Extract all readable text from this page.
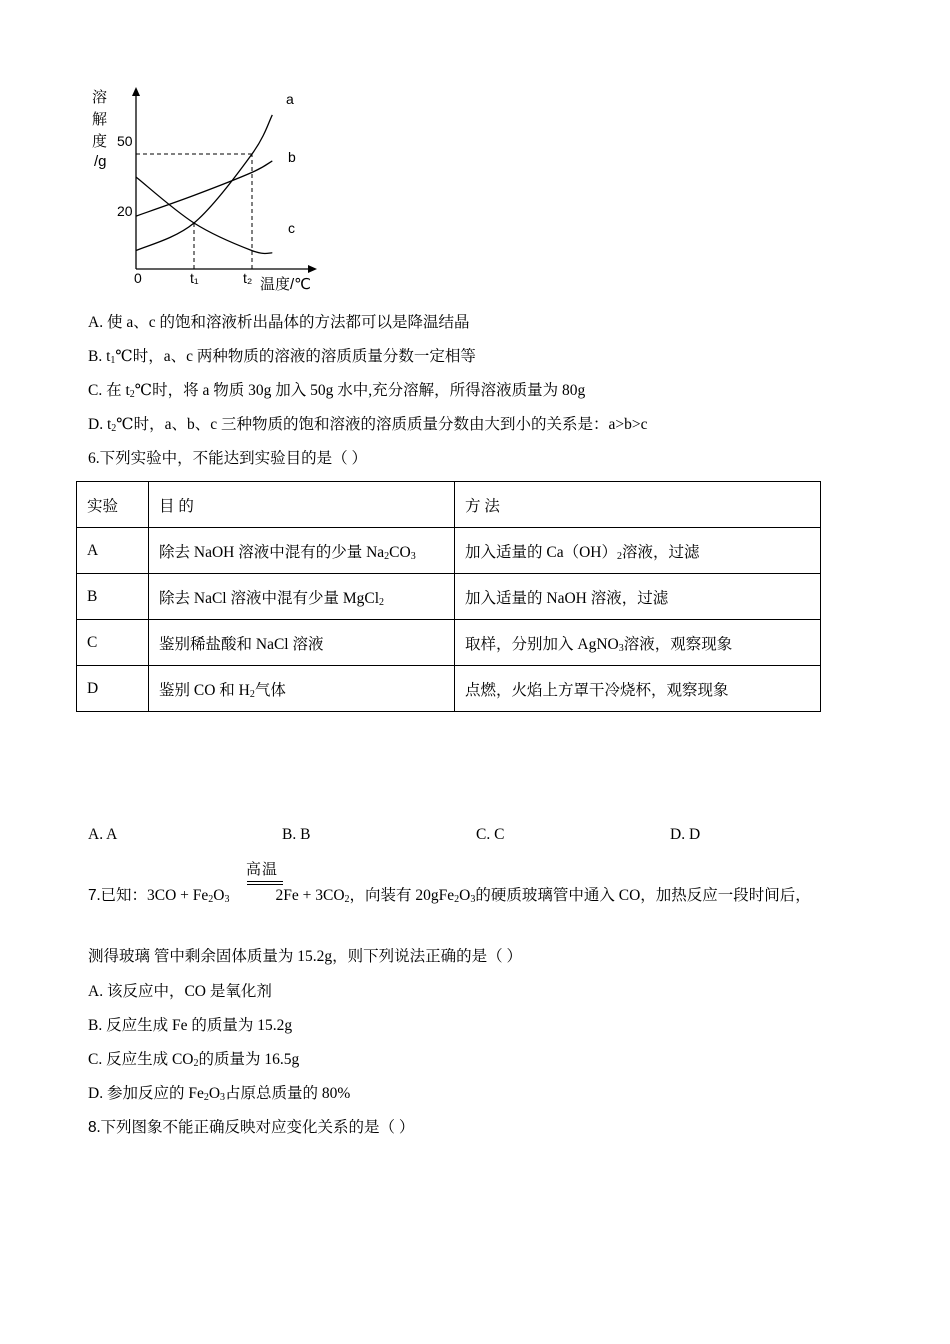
溶
解
度
/g
50
20
0	t₁	t₂ 温度/℃
a
b
c
A. 使 a、c 的饱和溶液析出晶体的方法都可以是降温结晶
B. $t_1℃$时，a、c 两种物质的溶液的溶质质量分数一定相等
C. 在 $t_2℃$时，将 a 物质 30g 加入 50g 水中,充分溶解，所得溶液质量为 80g
D. $t_2℃$时，a、b、c 三种物质的饱和溶液的溶质质量分数由大到小的关系是：a>b>c
6.下列实验中，不能达到实验目的是（ ）
实验	目 的	方 法
A	除去 NaOH 溶液中混有的少量 $Na_2CO_3$	加入适量的 $Ca(OH)_2$溶液，过滤
B	除去 NaCl 溶液中混有少量 MgCl$_2$	加入适量的 NaOH 溶液，过滤
C	鉴别稀盐酸和 NaCl 溶液	取样，分别加入 AgNO$_3$溶液，观察现象
D	鉴别 CO 和 $H_2$气体	点燃，火焰上方罩干冷烧杯，观察现象
A. A	B. B	C. C	D. D
高温
7.已知：$3CO + Fe_2O_3$	$2Fe + 3CO_2$，向装有 $20gFe_2O_3$的硬质玻璃管中通入 CO，加热反应一段时间后，
测得玻璃 管中剩余固体质量为 15.2g，则下列说法正确的是（ ）
A. 该反应中，CO 是氧化剂
B. 反应生成 Fe 的质量为 15.2g
C. 反应生成 $CO_2$的质量为 16.5g
D. 参加反应的 $Fe_2O_3$占原总质量的 80%
8.下列图象不能正确反映对应变化关系的是（ ）
